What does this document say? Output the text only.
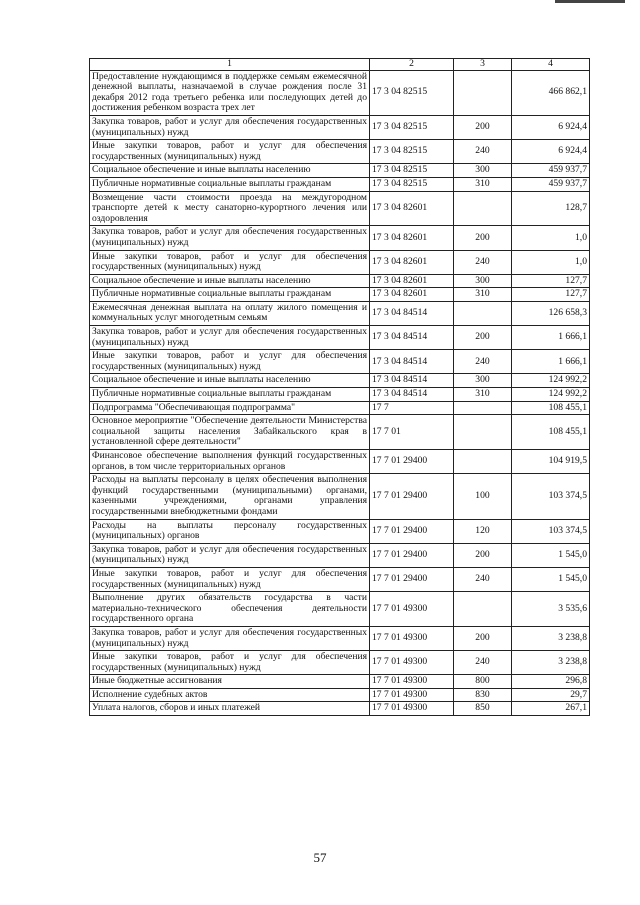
1	2	3	4
Предоставление нуждающимся в поддержке семьям ежемесячной денежной выплаты, назначаемой в случае рождения после 31 декабря 2012 года третьего ребенка или последующих детей до достижения ребенком возраста трех лет	17 3 04 82515		466 862,1
Закупка товаров, работ и услуг для обеспечения государственных (муниципальных) нужд	17 3 04 82515	200	6 924,4
Иные закупки товаров, работ и услуг для обеспечения государственных (муниципальных) нужд	17 3 04 82515	240	6 924,4
Социальное обеспечение и иные выплаты населению	17 3 04 82515	300	459 937,7
Публичные нормативные социальные выплаты гражданам	17 3 04 82515	310	459 937,7
Возмещение части стоимости проезда на междугородном транспорте детей к месту санаторно-курортного лечения или оздоровления	17 3 04 82601		128,7
Закупка товаров, работ и услуг для обеспечения государственных (муниципальных) нужд	17 3 04 82601	200	1,0
Иные закупки товаров, работ и услуг для обеспечения государственных (муниципальных) нужд	17 3 04 82601	240	1,0
Социальное обеспечение и иные выплаты населению	17 3 04 82601	300	127,7
Публичные нормативные социальные выплаты гражданам	17 3 04 82601	310	127,7
Ежемесячная денежная выплата на оплату жилого помещения и коммунальных услуг многодетным семьям	17 3 04 84514		126 658,3
Закупка товаров, работ и услуг для обеспечения государственных (муниципальных) нужд	17 3 04 84514	200	1 666,1
Иные закупки товаров, работ и услуг для обеспечения государственных (муниципальных) нужд	17 3 04 84514	240	1 666,1
Социальное обеспечение и иные выплаты населению	17 3 04 84514	300	124 992,2
Публичные нормативные социальные выплаты гражданам	17 3 04 84514	310	124 992,2
Подпрограмма "Обеспечивающая подпрограмма"	17 7		108 455,1
Основное мероприятие "Обеспечение деятельности Министерства социальной защиты населения Забайкальского края в установленной сфере деятельности"	17 7 01		108 455,1
Финансовое обеспечение выполнения функций государственных органов, в том числе территориальных органов	17 7 01 29400		104 919,5
Расходы на выплаты персоналу в целях обеспечения выполнения функций государственными (муниципальными) органами, казенными учреждениями, органами управления государственными внебюджетными фондами	17 7 01 29400	100	103 374,5
Расходы на выплаты персоналу государственных (муниципальных) органов	17 7 01 29400	120	103 374,5
Закупка товаров, работ и услуг для обеспечения государственных (муниципальных) нужд	17 7 01 29400	200	1 545,0
Иные закупки товаров, работ и услуг для обеспечения государственных (муниципальных) нужд	17 7 01 29400	240	1 545,0
Выполнение других обязательств государства в части материально-технического обеспечения деятельности государственного органа	17 7 01 49300		3 535,6
Закупка товаров, работ и услуг для обеспечения государственных (муниципальных) нужд	17 7 01 49300	200	3 238,8
Иные закупки товаров, работ и услуг для обеспечения государственных (муниципальных) нужд	17 7 01 49300	240	3 238,8
Иные бюджетные ассигнования	17 7 01 49300	800	296,8
Исполнение судебных актов	17 7 01 49300	830	29,7
Уплата налогов, сборов и иных платежей	17 7 01 49300	850	267,1
57
